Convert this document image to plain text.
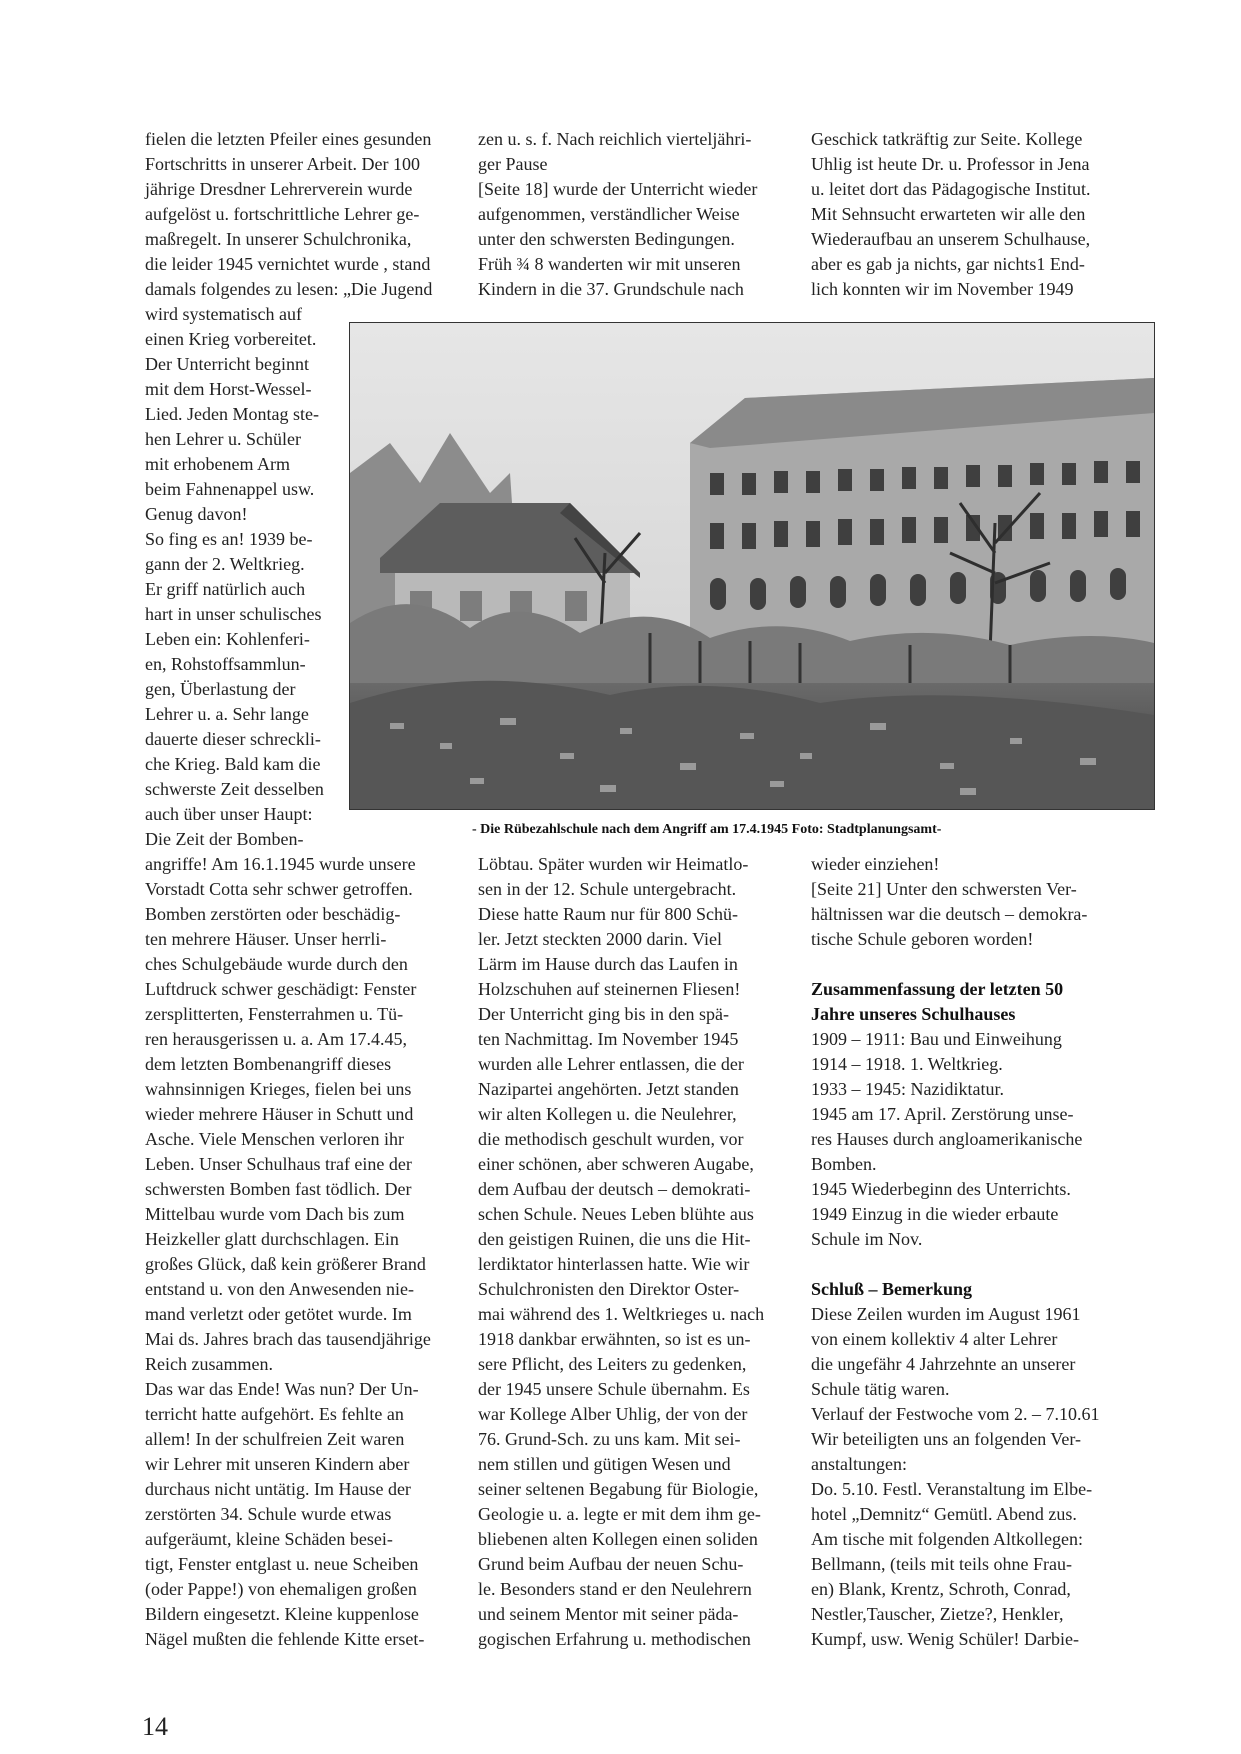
fielen die letzten Pfeiler eines gesunden
Fortschritts in unserer Arbeit. Der 100
jährige Dresdner Lehrerverein wurde
aufgelöst u. fortschrittliche Lehrer ge-
maßregelt. In unserer Schulchronika,
die leider 1945 vernichtet wurde , stand
damals folgendes zu lesen: „Die Jugend
wird systematisch auf
einen Krieg vorbereitet.
Der Unterricht beginnt
mit dem Horst-Wessel-
Lied. Jeden Montag ste-
hen Lehrer u. Schüler
mit erhobenem Arm
beim Fahnenappel usw.
Genug davon!
So fing es an! 1939 be-
gann der 2. Weltkrieg.
Er griff natürlich auch
hart in unser schulisches
Leben ein: Kohlenferi-
en, Rohstoffsammlun-
gen, Überlastung der
Lehrer u. a. Sehr lange
dauerte dieser schreckli-
che Krieg. Bald kam die
schwerste Zeit desselben
auch über unser Haupt:
Die Zeit der Bomben-
angriffe! Am 16.1.1945 wurde unsere
Vorstadt Cotta sehr schwer getroffen.
Bomben zerstörten oder beschädig-
ten mehrere Häuser. Unser herrli-
ches Schulgebäude wurde durch den
Luftdruck schwer geschädigt: Fenster
zersplitterten, Fensterrahmen u. Tü-
ren herausgerissen u. a. Am 17.4.45,
dem letzten Bombenangriff dieses
wahnsinnigen Krieges, fielen bei uns
wieder mehrere Häuser in Schutt und
Asche. Viele Menschen verloren ihr
Leben. Unser Schulhaus traf eine der
schwersten Bomben fast tödlich. Der
Mittelbau wurde vom Dach bis zum
Heizkeller glatt durchschlagen. Ein
großes Glück, daß kein größerer Brand
entstand u. von den Anwesenden nie-
mand verletzt oder getötet wurde. Im
Mai ds. Jahres brach das tausendjährige
Reich zusammen.
Das war das Ende! Was nun? Der Un-
terricht hatte aufgehört. Es fehlte an
allem! In der schulfreien Zeit waren
wir Lehrer mit unseren Kindern aber
durchaus nicht untätig. Im Hause der
zerstörten 34. Schule wurde etwas
aufgeräumt, kleine Schäden besei-
tigt, Fenster entglast u. neue Scheiben
(oder Pappe!) von ehemaligen großen
Bildern eingesetzt. Kleine kuppenlose
Nägel mußten die fehlende Kitte erset-
zen u. s. f. Nach reichlich vierteljähri-
ger Pause
[Seite 18] wurde der Unterricht wieder
aufgenommen, verständlicher Weise
unter den schwersten Bedingungen.
Früh ¾ 8 wanderten wir mit unseren
Kindern in die 37. Grundschule nach
Löbtau. Später wurden wir Heimatlo-
sen in der 12. Schule untergebracht.
Diese hatte Raum nur für 800 Schü-
ler. Jetzt steckten 2000 darin. Viel
Lärm im Hause durch das Laufen in
Holzschuhen auf steinernen Fliesen!
Der Unterricht ging bis in den spä-
ten Nachmittag. Im November 1945
wurden alle Lehrer entlassen, die der
Nazipartei angehörten. Jetzt standen
wir alten Kollegen u. die Neulehrer,
die methodisch geschult wurden, vor
einer schönen, aber schweren Augabe,
dem Aufbau der deutsch – demokrati-
schen Schule. Neues Leben blühte aus
den geistigen Ruinen, die uns die Hit-
lerdiktator hinterlassen hatte. Wie wir
Schulchronisten den Direktor Oster-
mai während des 1. Weltkrieges u. nach
1918 dankbar erwähnten, so ist es un-
sere Pflicht, des Leiters zu gedenken,
der 1945 unsere Schule übernahm. Es
war Kollege Alber Uhlig, der von der
76. Grund-Sch. zu uns kam. Mit sei-
nem stillen und gütigen Wesen und
seiner seltenen Begabung für Biologie,
Geologie u. a. legte er mit dem ihm ge-
bliebenen alten Kollegen einen soliden
Grund beim Aufbau der neuen Schu-
le. Besonders stand er den Neulehrern
und seinem Mentor mit seiner päda-
gogischen Erfahrung u. methodischen
Geschick tatkräftig zur Seite. Kollege
Uhlig ist heute Dr. u. Professor in Jena
u. leitet dort das Pädagogische Institut.
Mit Sehnsucht erwarteten wir alle den
Wiederaufbau an unserem Schulhause,
aber es gab ja nichts, gar nichts1 End-
lich konnten wir im November 1949
wieder einziehen!
[Seite 21] Unter den schwersten Ver-
hältnissen war die deutsch – demokra-
tische Schule geboren worden!
Zusammenfassung der letzten 50
Jahre unseres Schulhauses
1909 – 1911: Bau und Einweihung
1914 – 1918. 1. Weltkrieg.
1933 – 1945: Nazidiktatur.
1945 am 17. April. Zerstörung unse-
res Hauses durch angloamerikanische
Bomben.
1945 Wiederbeginn des Unterrichts.
1949 Einzug in die wieder erbaute
Schule im Nov.
Schluß – Bemerkung
Diese Zeilen wurden im August 1961
von einem kollektiv 4 alter Lehrer
die ungefähr 4 Jahrzehnte an unserer
Schule tätig waren.
Verlauf der Festwoche vom 2. – 7.10.61
Wir beteiligten uns an folgenden Ver-
anstaltungen:
Do. 5.10. Festl. Veranstaltung im Elbe-
hotel „Demnitz“ Gemütl. Abend zus.
Am tische mit folgenden Altkollegen:
Bellmann, (teils mit teils ohne Frau-
en) Blank, Krentz, Schroth, Conrad,
Nestler,Tauscher, Zietze?, Henkler,
Kumpf, usw. Wenig Schüler! Darbie-
- Die Rübezahlschule nach dem Angriff am 17.4.1945 Foto: Stadtplanungsamt-
14
